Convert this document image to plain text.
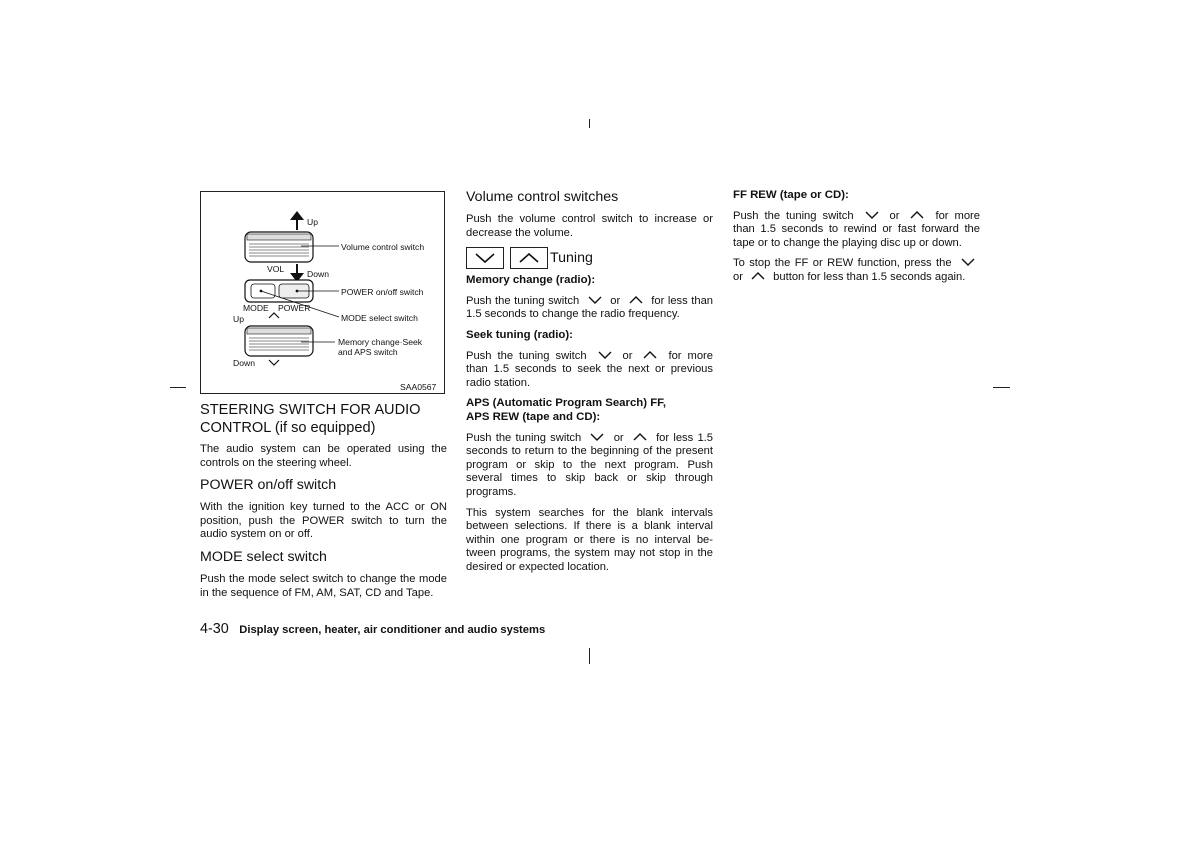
Up
Volume control switch
VOL	Down
POWER on/off switch
MODE POWER
Up	MODE select switch
Memory change·Seek
and APS switch
Down
SAA0567
STEERING SWITCH FOR AUDIO
CONTROL (if so equipped)

The audio system can be operated using the controls on the steering wheel.

POWER on/off switch

With the ignition key turned to the ACC or ON position, push the POWER switch to turn the audio system on or off.

MODE select switch

Push the mode select switch to change the mode in the sequence of FM, AM, SAT, CD and Tape.

Volume control switches

Push the volume control switch to increase or decrease the volume.

Tuning
Memory change (radio):

Push the tuning switch	or	for less than 1.5 seconds to change the radio frequency.

Seek tuning (radio):

Push the tuning switch	or	for more than 1.5 seconds to seek the next or previous radio station.

APS (Automatic Program Search) FF,
APS REW (tape and CD):

Push the tuning switch	or	for less 1.5 seconds to return to the beginning of the present program or skip to the next program. Push several times to skip back or skip through programs.

This system searches for the blank intervals between selections. If there is a blank interval within one program or there is no interval be-tween programs, the system may not stop in the desired or expected location.

FF REW (tape or CD):

Push the tuning switch	or	for more than 1.5 seconds to rewind or fast forward the tape or to change the playing disc up or down.

To stop the FF or REW function, press the
or	button for less than 1.5 seconds again.

4-30 Display screen, heater, air conditioner and audio systems
